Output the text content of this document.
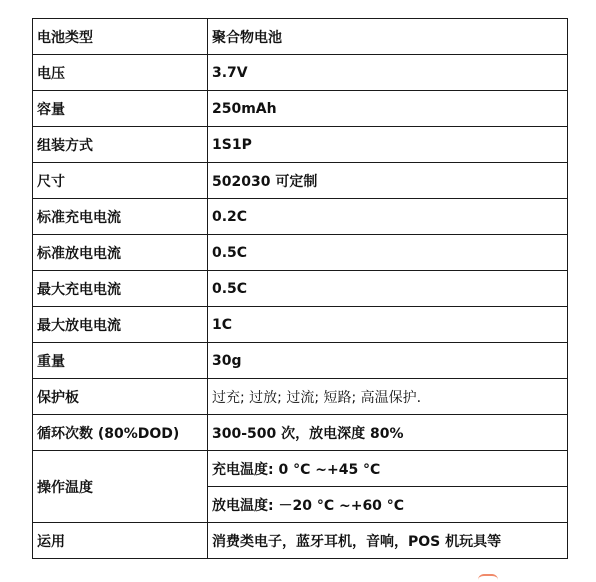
电池类型	聚合物电池
电压	3.7V
容量	250mAh
组装方式	1S1P
尺寸	502030 可定制
标准充电电流	0.2C
标准放电电流	0.5C
最大充电电流	0.5C
最大放电电流	1C
重量	30g
保护板	过充; 过放; 过流; 短路; 高温保护.
循环次数 (80%DOD)	300-500 次，放电深度 80%
操作温度	充电温度: 0 °C ~+45 °C
	放电温度: －20 °C ~+60 °C
运用	消费类电子，蓝牙耳机，音响，POS 机玩具等
